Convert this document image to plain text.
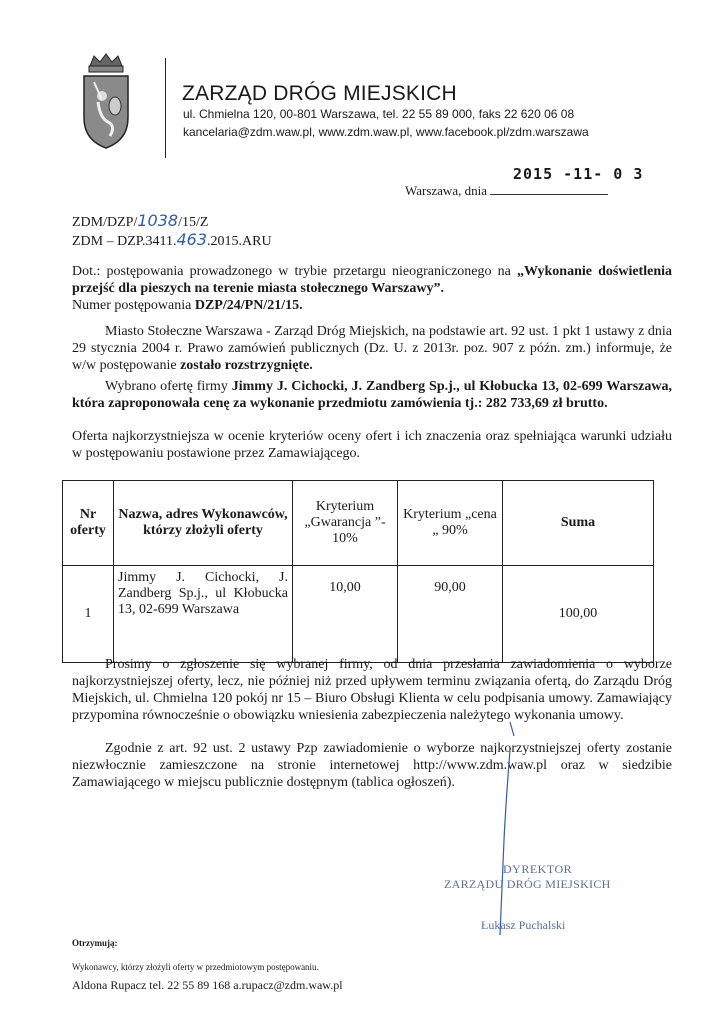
ZARZĄD DRÓG MIEJSKICH
ul. Chmielna 120, 00-801 Warszawa, tel. 22 55 89 000, faks 22 620 06 08
kancelaria@zdm.waw.pl, www.zdm.waw.pl, www.facebook.pl/zdm.warszawa
2015 -11- 0 3
Warszawa, dnia
ZDM/DZP/1038/15/Z
ZDM – DZP.3411.463.2015.ARU
Dot.: postępowania prowadzonego w trybie przetargu nieograniczonego na „Wykonanie doświetlenia przejść dla pieszych na terenie miasta stołecznego Warszawy”.
Numer postępowania DZP/24/PN/21/15.
Miasto Stołeczne Warszawa - Zarząd Dróg Miejskich, na podstawie art. 92 ust. 1 pkt 1 ustawy z dnia 29 stycznia 2004 r. Prawo zamówień publicznych (Dz. U. z 2013r. poz. 907 z późn. zm.) informuje, że w/w postępowanie zostało rozstrzygnięte.
Wybrano ofertę firmy Jimmy J. Cichocki, J. Zandberg Sp.j., ul Kłobucka 13, 02-699 Warszawa, która zaproponowała cenę za wykonanie przedmiotu zamówienia tj.: 282 733,69 zł brutto.
Oferta najkorzystniejsza w ocenie kryteriów oceny ofert i ich znaczenia oraz spełniająca warunki udziału w postępowaniu postawione przez Zamawiającego.
Nr oferty	Nazwa, adres Wykonawców, którzy złożyli oferty	Kryterium „Gwarancja ”- 10%	Kryterium „cena „ 90%	Suma
1	Jimmy J. Cichocki, J. Zandberg Sp.j., ul Kłobucka 13, 02-699 Warszawa	10,00	90,00	100,00
Prosimy o zgłoszenie się wybranej firmy, od dnia przesłania zawiadomienia o wyborze najkorzystniejszej oferty, lecz, nie później niż przed upływem terminu związania ofertą, do Zarządu Dróg Miejskich, ul. Chmielna 120 pokój nr 15 – Biuro Obsługi Klienta w celu podpisania umowy. Zamawiający przypomina równocześnie o obowiązku wniesienia zabezpieczenia należytego wykonania umowy.
Zgodnie z art. 92 ust. 2 ustawy Pzp zawiadomienie o wyborze najkorzystniejszej oferty zostanie niezwłocznie zamieszczone na stronie internetowej http://www.zdm.waw.pl oraz w siedzibie Zamawiającego w miejscu publicznie dostępnym (tablica ogłoszeń).
DYREKTOR
ZARZĄDU DRÓG MIEJSKICH
Łukasz Puchalski
Otrzymują:
Wykonawcy, którzy złożyli oferty w przedmiotowym postępowaniu.
Aldona Rupacz tel. 22 55 89 168 a.rupacz@zdm.waw.pl
